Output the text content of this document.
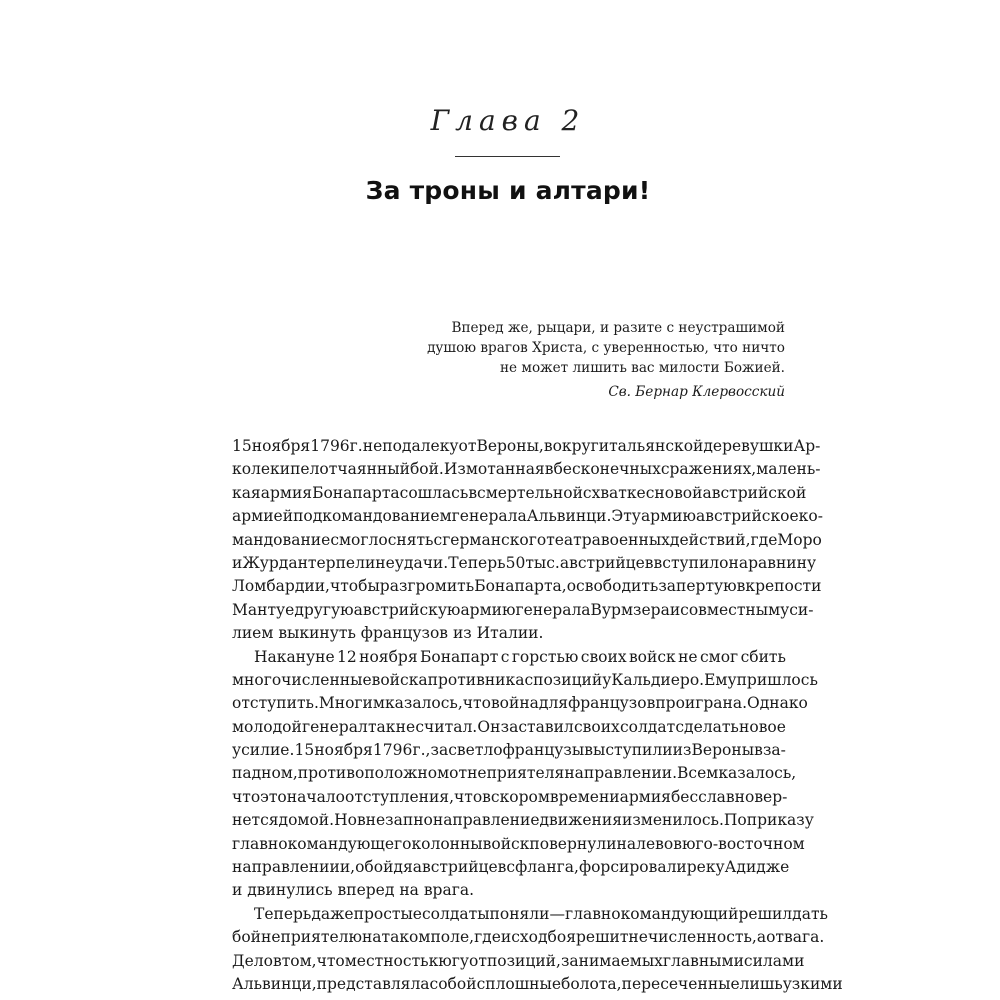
Глава 2
За троны и алтари!
Вперед же, рыцари, и разите с неустрашимой
душою врагов Христа, с уверенностью, что ничто
не может лишить вас милости Божией.
Св. Бернар Клервосский
15 ноября 1796 г. неподалеку от Вероны, вокруг итальянской деревушки Ар-
коле кипел отчаянный бой. Измотанная в бесконечных сражениях, малень-
кая армия Бонапарта сошлась в смертельной схватке с новой австрийской
армией под командованием генерала Альвинци. Эту армию австрийское ко-
мандование смогло снять с германского театра военных действий, где Моро
и Журдан терпели неудачи. Теперь 50 тыс. австрийцев вступило на равнину
Ломбардии, чтобы разгромить Бонапарта, освободить запертую в крепости
Мантуе другую австрийскую армию генерала Вурмзера и совместным уси-
лием выкинуть французов из Италии.
Накануне 12 ноября Бонапарт с горстью своих войск не смог сбить
многочисленные войска противника с позиций у Кальдиеро. Ему пришлось
отступить. Многим казалось, что война для французов проиграна. Однако
молодой генерал так не считал. Он заставил своих солдат сделать новое
усилие. 15 ноября 1796 г., засветло французы выступили из Вероны в за-
падном, противоположном от неприятеля направлении. Всем казалось,
что это начало отступления, что в скором времени армия бесславно вер-
нется домой. Но внезапно направление движения изменилось. По приказу
главнокомандующего колонны войск повернули налево в юго-восточном
направлении и, обойдя австрийцев с фланга, форсировали реку Адидже
и двинулись вперед на врага.
Теперь даже простые солдаты поняли — главнокомандующий решил дать
бой неприятелю на таком поле, где исход боя решит не численность, а отвага.
Дело в том, что местность к югу от позиций, занимаемых главными силами
Альвинци, представляла собой сплошные болота, пересеченные лишь узкими
